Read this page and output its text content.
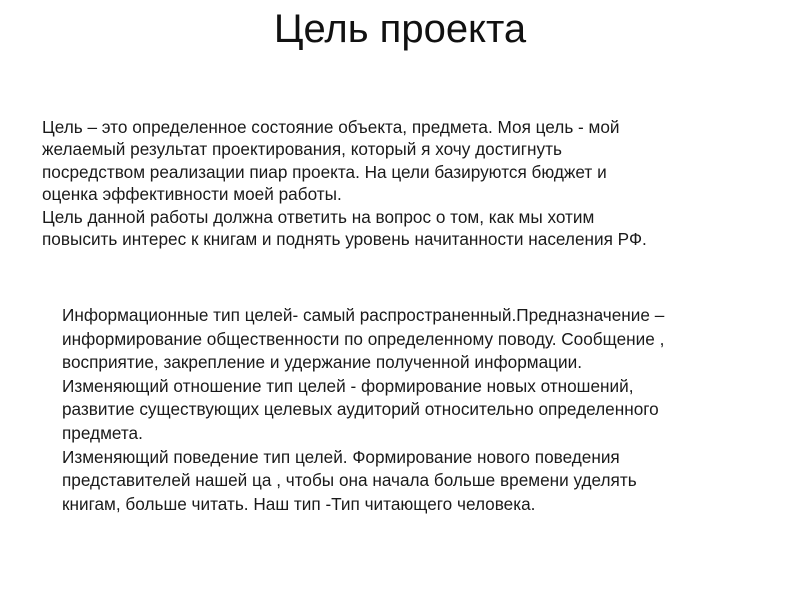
Цель проекта
Цель – это определенное состояние объекта, предмета. Моя цель - мой
желаемый результат проектирования, который я хочу достигнуть
посредством реализации пиар проекта. На цели базируются бюджет и
оценка эффективности моей работы.
Цель данной работы должна ответить на вопрос о том, как мы хотим
повысить интерес к книгам и поднять уровень начитанности населения РФ.
Информационные тип целей- самый распространенный.Предназначение –
информирование общественности по определенному поводу. Сообщение ,
восприятие, закрепление и удержание полученной информации.
Изменяющий отношение тип целей - формирование новых отношений,
развитие существующих целевых аудиторий относительно определенного
предмета.
Изменяющий поведение тип целей. Формирование нового поведения
представителей нашей ца , чтобы она начала больше времени уделять
книгам, больше читать. Наш тип -Тип читающего человека.
